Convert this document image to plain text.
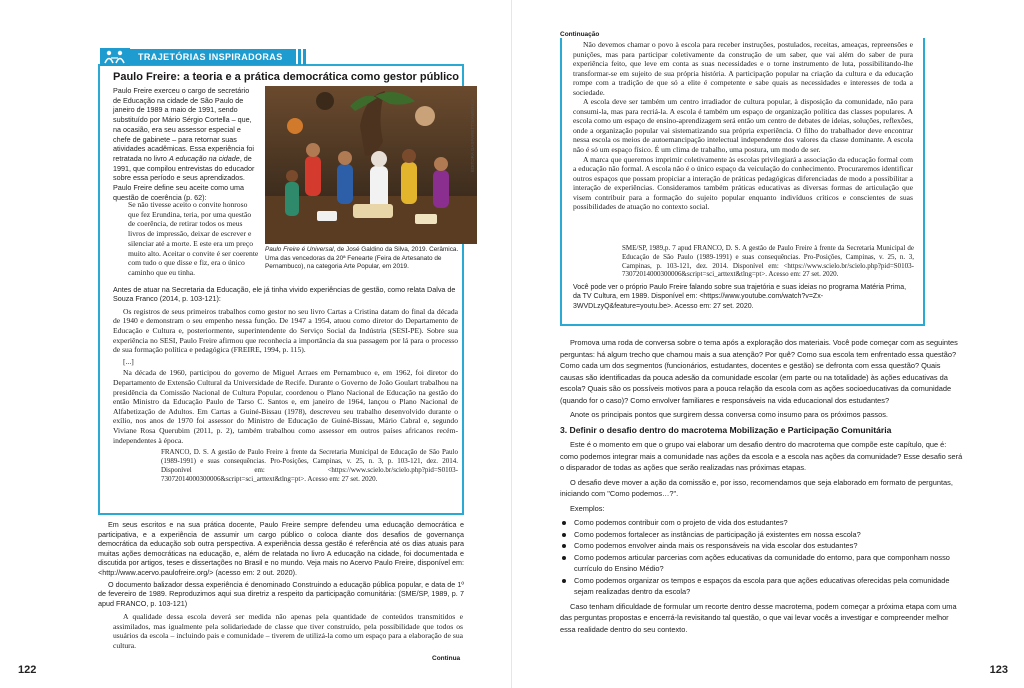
TRAJETÓRIAS INSPIRADORAS
Paulo Freire: a teoria e a prática democrática como gestor público
Paulo Freire exerceu o cargo de secretário de Educação na cidade de São Paulo de janeiro de 1989 a maio de 1991, sendo substituído por Mário Sérgio Cortella – que, na ocasião, era seu assessor especial e chefe de gabinete – para retornar suas atividades acadêmicas. Essa experiência foi retratada no livro A educação na cidade, de 1991, que compilou entrevistas do educador sobre essa período e seus aprendizados. Paulo Freire define seu aceite como uma questão de coerência (p. 62):
Se não tivesse aceito o convite honroso que fez Erundina, teria, por uma questão de coerência, de retirar todos os meus livros de impressão, deixar de escrever e silenciar até a morte. E este era um preço muito alto. Aceitar o convite é ser coerente com tudo o que disse e fiz, era o único caminho que eu tinha.
EDITORA GASPARETTO/AMÉRICA
Paulo Freire é Universal, de José Galdino da Silva, 2019. Cerâmica. Uma das vencedoras da 20ª Fenearte (Feira de Artesanato de Pernambuco), na categoria Arte Popular, em 2019.
Antes de atuar na Secretaria da Educação, ele já tinha vivido experiências de gestão, como relata Dalva de Souza Franco (2014, p. 103-121):

Os registros de seus primeiros trabalhos como gestor no seu livro Cartas a Cristina datam do final da década de 1940 e demonstram o seu empenho nessa função. De 1947 a 1954, atuou como diretor do Departamento de Educação e Cultura e, posteriormente, superintendente do Serviço Social da Indústria (SESI-PE). Sobre sua experiência no SESI, Paulo Freire afirmou que reconhecia a importância da sua passagem por lá para o processo de sua formação política e pedagógica (FREIRE, 1994, p. 115).

[...]

Na década de 1960, participou do governo de Miguel Arraes em Pernambuco e, em 1962, foi diretor do Departamento de Extensão Cultural da Universidade de Recife. Durante o Governo de João Goulart trabalhou na presidência da Comissão Nacional de Cultura Popular, coordenou o Plano Nacional de Educação na gestão do então Ministro da Educação Paulo de Tarso C. Santos e, em janeiro de 1964, lançou o Plano Nacional de Alfabetização de Adultos. Em Cartas a Guiné-Bissau (1978), descreveu seu trabalho desenvolvido durante o exílio, nos anos de 1970 foi assessor do Ministro de Educação de Guiné-Bissau, Mário Cabral e, segundo Viviane Rosa Querubim (2011, p. 2), também trabalhou como assessor em outros países africanos recém-independentes à época.

FRANCO, D. S. A gestão de Paulo Freire à frente da Secretaria Municipal de Educação de São Paulo (1989-1991) e suas consequências. Pro-Posições, Campinas, v. 25, n. 3, p. 103-121, dez. 2014. Disponível em: <https://www.scielo.br/scielo.php?pid=S0103-73072014000300006&script=sci_arttext&tlng=pt>. Acesso em: 27 set. 2020.

Em seus escritos e na sua prática docente, Paulo Freire sempre defendeu uma educação democrática e participativa, e a experiência de assumir um cargo público o coloca diante dos desafios de governança democrática da educação sob outra perspectiva. A experiência dessa gestão é referência até os dias atuais para muitas ações democráticas na educação, e, além de relatada no livro A educação na cidade, foi documentada e discutida por artigos, teses e dissertações no Brasil e no mundo. Veja mais no Acervo Paulo Freire, disponível em: <http://www.acervo.paulofreire.org/> (acesso em: 2 out. 2020).

O documento balizador dessa experiência é denominado Construindo a educação pública popular, e data de 1º de fevereiro de 1989. Reproduzimos aqui sua diretriz a respeito da participação comunitária: (SME/SP, 1989, p. 7 apud FRANCO, p. 103-121)

A qualidade dessa escola deverá ser medida não apenas pela quantidade de conteúdos transmitidos e assimilados, mas igualmente pela solidariedade de classe que tiver construído, pela possibilidade que todos os usuários da escola – incluindo pais e comunidade – tiverem de utilizá-la como um espaço para a elaboração de sua cultura.

Continua
122
Continuação

Não devemos chamar o povo à escola para receber instruções, postulados, receitas, ameaças, repreensões e punições, mas para participar coletivamente da construção de um saber, que vai além do saber de pura experiência feito, que leve em conta as suas necessidades e o torne instrumento de luta, possibilitando-lhe transformar-se em sujeito de sua própria história. A participação popular na criação da cultura e da educação rompe com a tradição de que só a elite é competente e sabe quais as necessidades e interesses de toda a sociedade.

A escola deve ser também um centro irradiador de cultura popular, à disposição da comunidade, não para consumi-la, mas para recriá-la. A escola é também um espaço de organização política das classes populares. A escola como um espaço de ensino-aprendizagem será então um centro de debates de ideias, soluções, reflexões, onde a organização popular vai sistematizando sua própria experiência. O filho do trabalhador deve encontrar nessa escola os meios de autoemancipação intelectual independente dos valores da classe dominante. A escola não é só um espaço físico. É um clima de trabalho, uma postura, um modo de ser.

A marca que queremos imprimir coletivamente às escolas privilegiará a associação da educação formal com a educação não formal. A escola não é o único espaço da veiculação do conhecimento. Procuraremos identificar outros espaços que possam propiciar a interação de práticas pedagógicas diferenciadas de modo a possibilitar a interação de experiências. Consideramos também práticas educativas as diversas formas de articulação que visem contribuir para a formação do sujeito popular enquanto indivíduos críticos e conscientes de suas possibilidades de atuação no contexto social.

SME/SP, 1989,p. 7 apud FRANCO, D. S. A gestão de Paulo Freire à frente da Secretaria Municipal de Educação de São Paulo (1989-1991) e suas consequências. Pro-Posições, Campinas, v. 25, n. 3, Campinas, p. 103-121, dez. 2014. Disponível em: <https://www.scielo.br/scielo.php?pid=S0103-73072014000300006&script=sci_arttext&tlng=pt>. Acesso em: 27 set. 2020.
Você pode ver o próprio Paulo Freire falando sobre sua trajetória e suas ideias no programa Matéria Prima, da TV Cultura, em 1989. Disponível em: <https://www.youtube.com/watch?v=Zx-3WVDLzyQ&feature=youtu.be>. Acesso em: 27 set. 2020.

Promova uma roda de conversa sobre o tema após a exploração dos materiais. Você pode começar com as seguintes perguntas: há algum trecho que chamou mais a sua atenção? Por quê? Como sua escola tem enfrentado essa questão? Como cada um dos segmentos (funcionários, estudantes, docentes e gestão) se defronta com essa questão? Quais causas são identificadas da pouca adesão da comunidade escolar (em parte ou na totalidade) às ações educativas da escola? Quais são os possíveis motivos para a pouca relação da escola com as ações socioeducativas da comunidade (quando for o caso)? Como envolver familiares e responsáveis na vida educacional dos estudantes?

Anote os principais pontos que surgirem dessa conversa como insumo para os próximos passos.

3. Definir o desafio dentro do macrotema Mobilização e Participação Comunitária

Este é o momento em que o grupo vai elaborar um desafio dentro do macrotema que compõe este capítulo, que é: como podemos integrar mais a comunidade nas ações da escola e a escola nas ações da comunidade? Esse desafio será o disparador de todas as ações que serão realizadas nas próximas etapas.

O desafio deve mover a ação da comissão e, por isso, recomendamos que seja elaborado em formato de perguntas, iniciando com "Como podemos…?".

Exemplos:

Como podemos contribuir com o projeto de vida dos estudantes?
Como podemos fortalecer as instâncias de participação já existentes em nossa escola?
Como podemos envolver ainda mais os responsáveis na vida escolar dos estudantes?
Como podemos articular parcerias com ações educativas da comunidade do entorno, para que componham nosso currículo do Ensino Médio?
Como podemos organizar os tempos e espaços da escola para que ações educativas oferecidas pela comunidade sejam realizadas dentro da escola?

Caso tenham dificuldade de formular um recorte dentro desse macrotema, podem começar a próxima etapa com uma das perguntas propostas e encerrá-la revisitando tal questão, o que vai levar vocês a investigar e compreender melhor essa realidade dentro do seu contexto.

123
